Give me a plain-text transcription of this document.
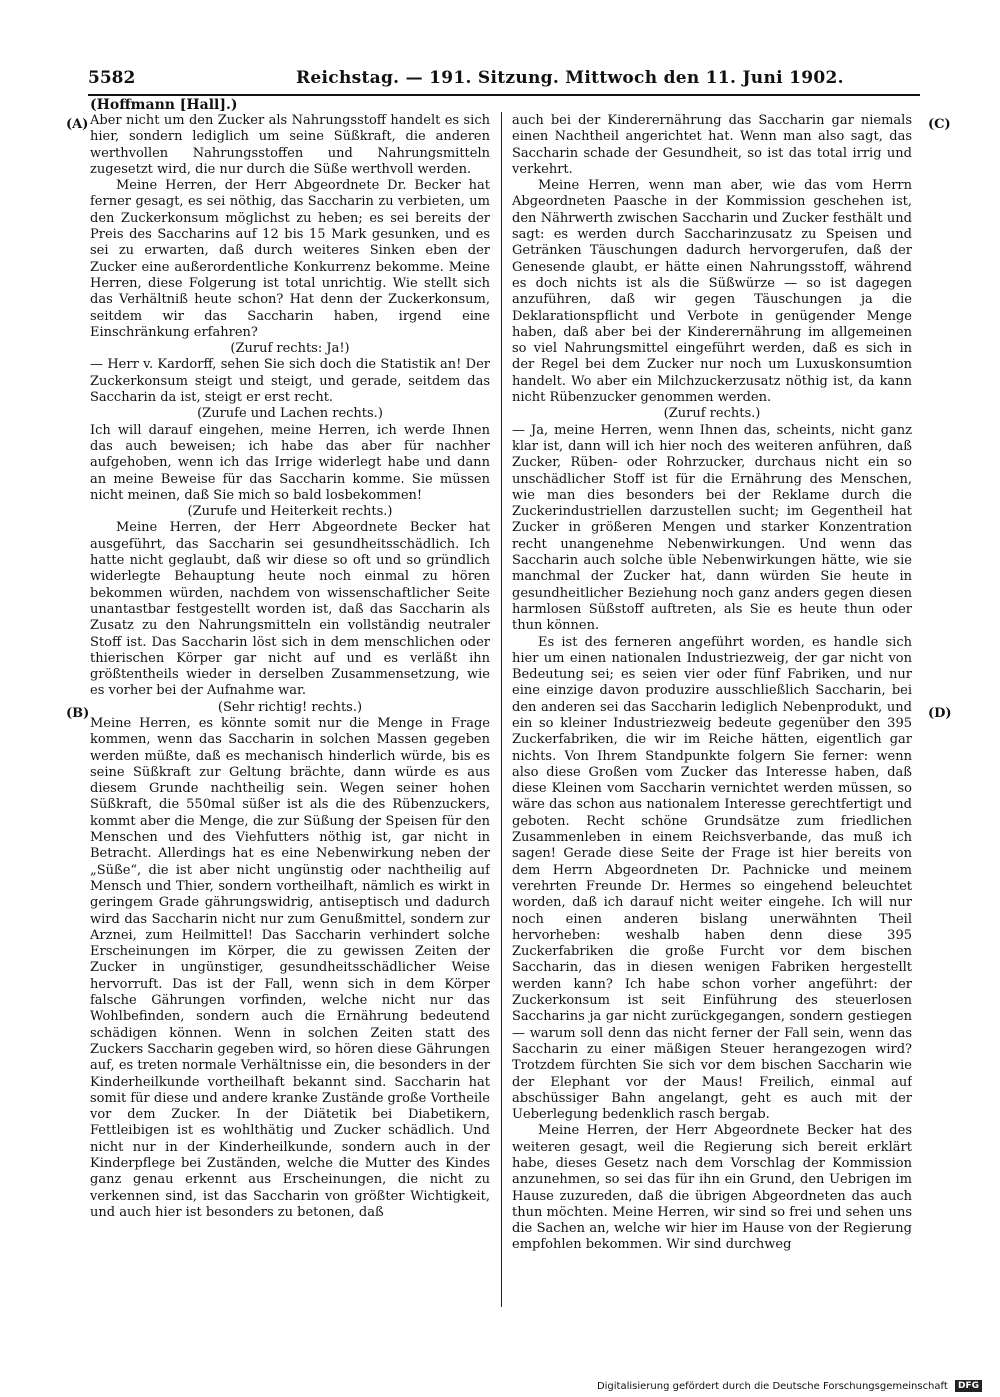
5582	Reichstag. — 191. Sitzung. Mittwoch den 11. Juni 1902.
(Hoffmann [Hall].)
(A)
(B)
(C)
(D)

Aber nicht um den Zucker als Nahrungsstoff handelt es sich hier, sondern lediglich um seine Süßkraft, die anderen werthvollen Nahrungsstoffen und Nahrungsmitteln zugesetzt wird, die nur durch die Süße werthvoll werden.

Meine Herren, der Herr Abgeordnete Dr. Becker hat ferner gesagt, es sei nöthig, das Saccharin zu verbieten, um den Zuckerkonsum möglichst zu heben; es sei bereits der Preis des Saccharins auf 12 bis 15 Mark gesunken, und es sei zu erwarten, daß durch weiteres Sinken eben der Zucker eine außerordentliche Konkurrenz bekomme. Meine Herren, diese Folgerung ist total unrichtig. Wie stellt sich das Verhältniß heute schon? Hat denn der Zuckerkonsum, seitdem wir das Saccharin haben, irgend eine Einschränkung erfahren?

(Zuruf rechts: Ja!)

— Herr v. Kardorff, sehen Sie sich doch die Statistik an! Der Zuckerkonsum steigt und steigt, und gerade, seitdem das Saccharin da ist, steigt er erst recht.

(Zurufe und Lachen rechts.)

Ich will darauf eingehen, meine Herren, ich werde Ihnen das auch beweisen; ich habe das aber für nachher aufgehoben, wenn ich das Irrige widerlegt habe und dann an meine Beweise für das Saccharin komme. Sie müssen nicht meinen, daß Sie mich so bald losbekommen!

(Zurufe und Heiterkeit rechts.)

Meine Herren, der Herr Abgeordnete Becker hat ausgeführt, das Saccharin sei gesundheitsschädlich. Ich hatte nicht geglaubt, daß wir diese so oft und so gründlich widerlegte Behauptung heute noch einmal zu hören bekommen würden, nachdem von wissenschaftlicher Seite unantastbar festgestellt worden ist, daß das Saccharin als Zusatz zu den Nahrungsmitteln ein vollständig neutraler Stoff ist. Das Saccharin löst sich in dem menschlichen oder thierischen Körper gar nicht auf und es verläßt ihn größtentheils wieder in derselben Zusammensetzung, wie es vorher bei der Aufnahme war.

(Sehr richtig! rechts.)

Meine Herren, es könnte somit nur die Menge in Frage kommen, wenn das Saccharin in solchen Massen gegeben werden müßte, daß es mechanisch hinderlich würde, bis es seine Süßkraft zur Geltung brächte, dann würde es aus diesem Grunde nachtheilig sein. Wegen seiner hohen Süßkraft, die 550mal süßer ist als die des Rübenzuckers, kommt aber die Menge, die zur Süßung der Speisen für den Menschen und des Viehfutters nöthig ist, gar nicht in Betracht. Allerdings hat es eine Nebenwirkung neben der „Süße“, die ist aber nicht ungünstig oder nachtheilig auf Mensch und Thier, sondern vortheilhaft, nämlich es wirkt in geringem Grade gährungswidrig, antiseptisch und dadurch wird das Saccharin nicht nur zum Genußmittel, sondern zur Arznei, zum Heilmittel! Das Saccharin verhindert solche Erscheinungen im Körper, die zu gewissen Zeiten der Zucker in ungünstiger, gesundheitsschädlicher Weise hervorruft. Das ist der Fall, wenn sich in dem Körper falsche Gährungen vorfinden, welche nicht nur das Wohlbefinden, sondern auch die Ernährung bedeutend schädigen können. Wenn in solchen Zeiten statt des Zuckers Saccharin gegeben wird, so hören diese Gährungen auf, es treten normale Verhältnisse ein, die besonders in der Kinderheilkunde vortheilhaft bekannt sind. Saccharin hat somit für diese und andere kranke Zustände große Vortheile vor dem Zucker. In der Diätetik bei Diabetikern, Fettleibigen ist es wohlthätig und Zucker schädlich. Und nicht nur in der Kinderheilkunde, sondern auch in der Kinderpflege bei Zuständen, welche die Mutter des Kindes ganz genau erkennt aus Erscheinungen, die nicht zu verkennen sind, ist das Saccharin von größter Wichtigkeit, und auch hier ist besonders zu betonen, daß

auch bei der Kinderernährung das Saccharin gar niemals einen Nachtheil angerichtet hat. Wenn man also sagt, das Saccharin schade der Gesundheit, so ist das total irrig und verkehrt.

Meine Herren, wenn man aber, wie das vom Herrn Abgeordneten Paasche in der Kommission geschehen ist, den Nährwerth zwischen Saccharin und Zucker festhält und sagt: es werden durch Saccharinzusatz zu Speisen und Getränken Täuschungen dadurch hervorgerufen, daß der Genesende glaubt, er hätte einen Nahrungsstoff, während es doch nichts ist als die Süßwürze — so ist dagegen anzuführen, daß wir gegen Täuschungen ja die Deklarationspflicht und Verbote in genügender Menge haben, daß aber bei der Kinderernährung im allgemeinen so viel Nahrungsmittel eingeführt werden, daß es sich in der Regel bei dem Zucker nur noch um Luxuskonsumtion handelt. Wo aber ein Milchzuckerzusatz nöthig ist, da kann nicht Rübenzucker genommen werden.

(Zuruf rechts.)

— Ja, meine Herren, wenn Ihnen das, scheints, nicht ganz klar ist, dann will ich hier noch des weiteren anführen, daß Zucker, Rüben- oder Rohrzucker, durchaus nicht ein so unschädlicher Stoff ist für die Ernährung des Menschen, wie man dies besonders bei der Reklame durch die Zuckerindustriellen darzustellen sucht; im Gegentheil hat Zucker in größeren Mengen und starker Konzentration recht unangenehme Nebenwirkungen. Und wenn das Saccharin auch solche üble Nebenwirkungen hätte, wie sie manchmal der Zucker hat, dann würden Sie heute in gesundheitlicher Beziehung noch ganz anders gegen diesen harmlosen Süßstoff auftreten, als Sie es heute thun oder thun können.

Es ist des ferneren angeführt worden, es handle sich hier um einen nationalen Industriezweig, der gar nicht von Bedeutung sei; es seien vier oder fünf Fabriken, und nur eine einzige davon produzire ausschließlich Saccharin, bei den anderen sei das Saccharin lediglich Nebenprodukt, und ein so kleiner Industriezweig bedeute gegenüber den 395 Zuckerfabriken, die wir im Reiche hätten, eigentlich gar nichts. Von Ihrem Standpunkte folgern Sie ferner: wenn also diese Großen vom Zucker das Interesse haben, daß diese Kleinen vom Saccharin vernichtet werden müssen, so wäre das schon aus nationalem Interesse gerechtfertigt und geboten. Recht schöne Grundsätze zum friedlichen Zusammenleben in einem Reichsverbande, das muß ich sagen! Gerade diese Seite der Frage ist hier bereits von dem Herrn Abgeordneten Dr. Pachnicke und meinem verehrten Freunde Dr. Hermes so eingehend beleuchtet worden, daß ich darauf nicht weiter eingehe. Ich will nur noch einen anderen bislang unerwähnten Theil hervorheben: weshalb haben denn diese 395 Zuckerfabriken die große Furcht vor dem bischen Saccharin, das in diesen wenigen Fabriken hergestellt werden kann? Ich habe schon vorher angeführt: der Zuckerkonsum ist seit Einführung des steuerlosen Saccharins ja gar nicht zurückgegangen, sondern gestiegen — warum soll denn das nicht ferner der Fall sein, wenn das Saccharin zu einer mäßigen Steuer herangezogen wird? Trotzdem fürchten Sie sich vor dem bischen Saccharin wie der Elephant vor der Maus! Freilich, einmal auf abschüssiger Bahn angelangt, geht es auch mit der Ueberlegung bedenklich rasch bergab.

Meine Herren, der Herr Abgeordnete Becker hat des weiteren gesagt, weil die Regierung sich bereit erklärt habe, dieses Gesetz nach dem Vorschlag der Kommission anzunehmen, so sei das für ihn ein Grund, den Uebrigen im Hause zuzureden, daß die übrigen Abgeordneten das auch thun möchten. Meine Herren, wir sind so frei und sehen uns die Sachen an, welche wir hier im Hause von der Regierung empfohlen bekommen. Wir sind durchweg

Digitalisierung gefördert durch die Deutsche Forschungsgemeinschaft DFG
